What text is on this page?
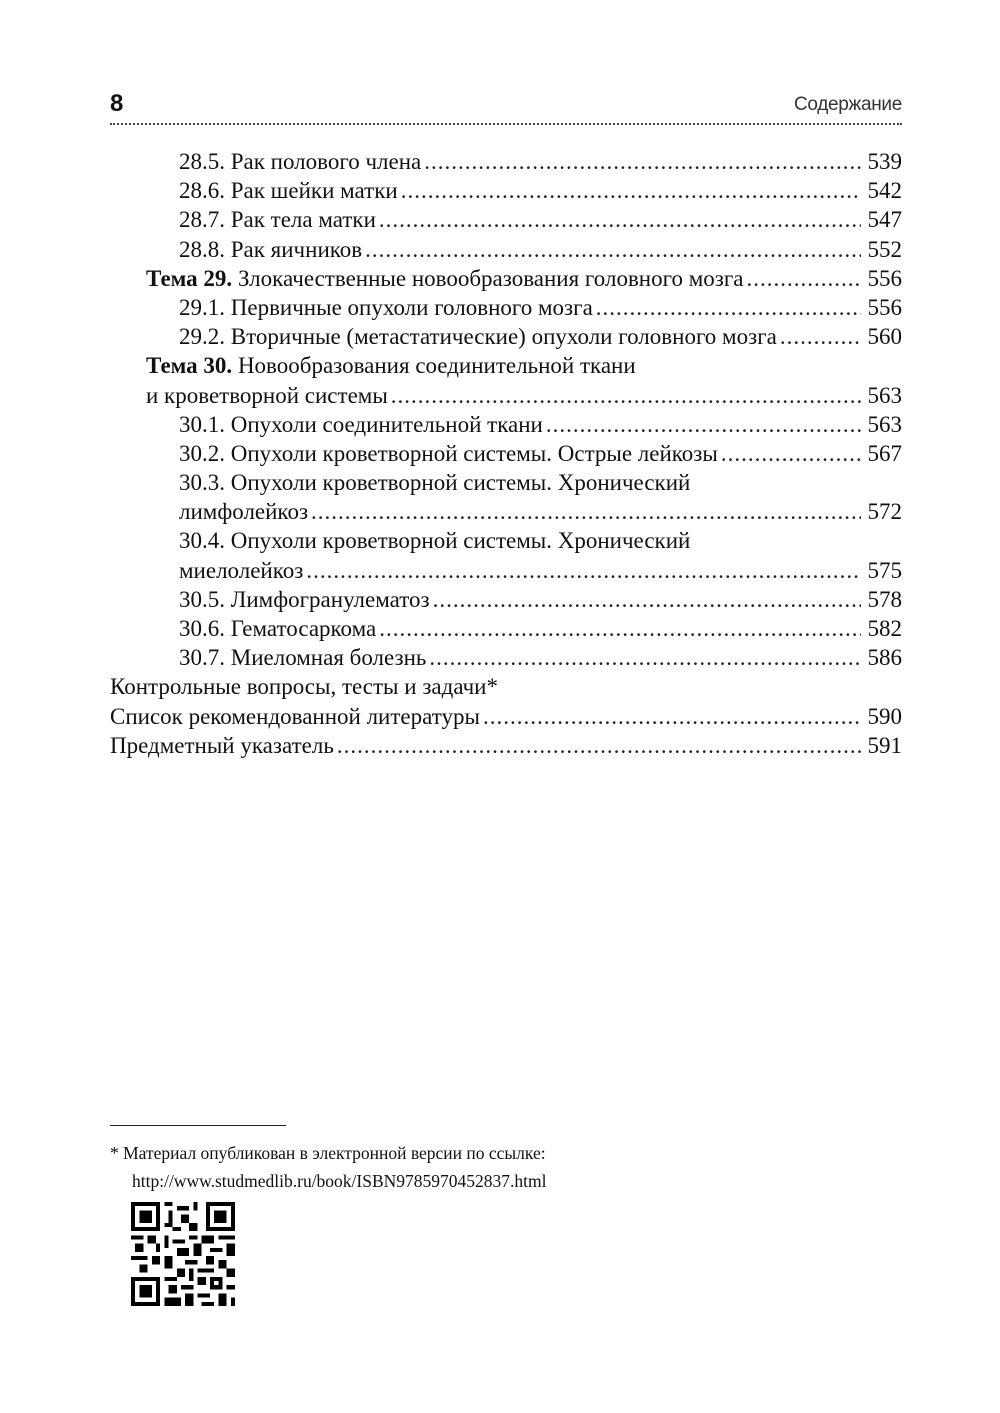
8	Содержание
28.5. Рак полового члена .....	539
28.6. Рак шейки матки .....	542
28.7. Рак тела матки .....	547
28.8. Рак яичников .....	552
Тема 29. Злокачественные новообразования головного мозга .....	556
29.1. Первичные опухоли головного мозга .....	556
29.2. Вторичные (метастатические) опухоли головного мозга .....	560
Тема 30. Новообразования соединительной ткани
и кроветворной системы .....	563
30.1. Опухоли соединительной ткани .....	563
30.2. Опухоли кроветворной системы. Острые лейкозы .....	567
30.3. Опухоли кроветворной системы. Хронический
лимфолейкоз .....	572
30.4. Опухоли кроветворной системы. Хронический
миелолейкоз .....	575
30.5. Лимфогранулематоз .....	578
30.6. Гематосаркома .....	582
30.7. Миеломная болезнь .....	586
Контрольные вопросы, тесты и задачи*
Список рекомендованной литературы .....	590
Предметный указатель .....	591
* Материал опубликован в электронной версии по ссылке:
http://www.studmedlib.ru/book/ISBN9785970452837.html
